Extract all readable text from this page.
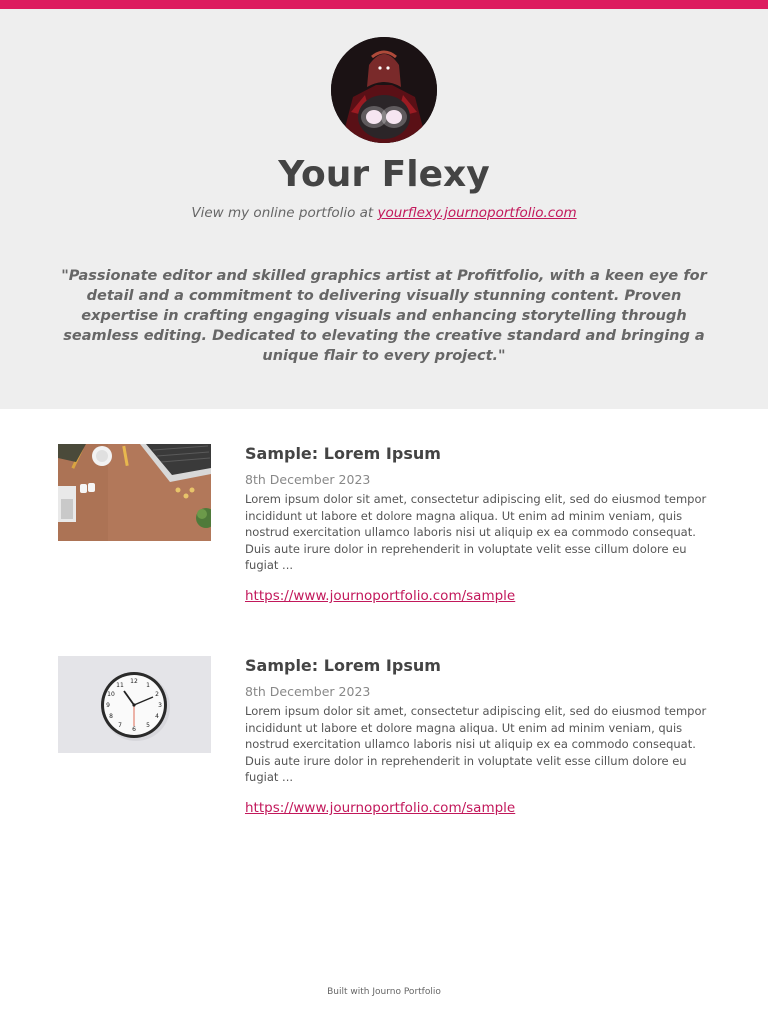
Your Flexy

View my online portfolio at yourflexy.journoportfolio.com

"Passionate editor and skilled graphics artist at Profitfolio, with a keen eye for detail and a commitment to delivering visually stunning content. Proven expertise in crafting engaging visuals and enhancing storytelling through seamless editing. Dedicated to elevating the creative standard and bringing a unique flair to every project."

Sample: Lorem Ipsum

8th December 2023

Lorem ipsum dolor sit amet, consectetur adipiscing elit, sed do eiusmod tempor incididunt ut labore et dolore magna aliqua. Ut enim ad minim veniam, quis nostrud exercitation ullamco laboris nisi ut aliquip ex ea commodo consequat. Duis aute irure dolor in reprehenderit in voluptate velit esse cillum dolore eu fugiat ...

https://www.journoportfolio.com/sample
12
1
2
3
4
5
6
7
8
9
10
11
Sample: Lorem Ipsum

8th December 2023

Lorem ipsum dolor sit amet, consectetur adipiscing elit, sed do eiusmod tempor incididunt ut labore et dolore magna aliqua. Ut enim ad minim veniam, quis nostrud exercitation ullamco laboris nisi ut aliquip ex ea commodo consequat. Duis aute irure dolor in reprehenderit in voluptate velit esse cillum dolore eu fugiat ...

https://www.journoportfolio.com/sample
Built with Journo Portfolio
